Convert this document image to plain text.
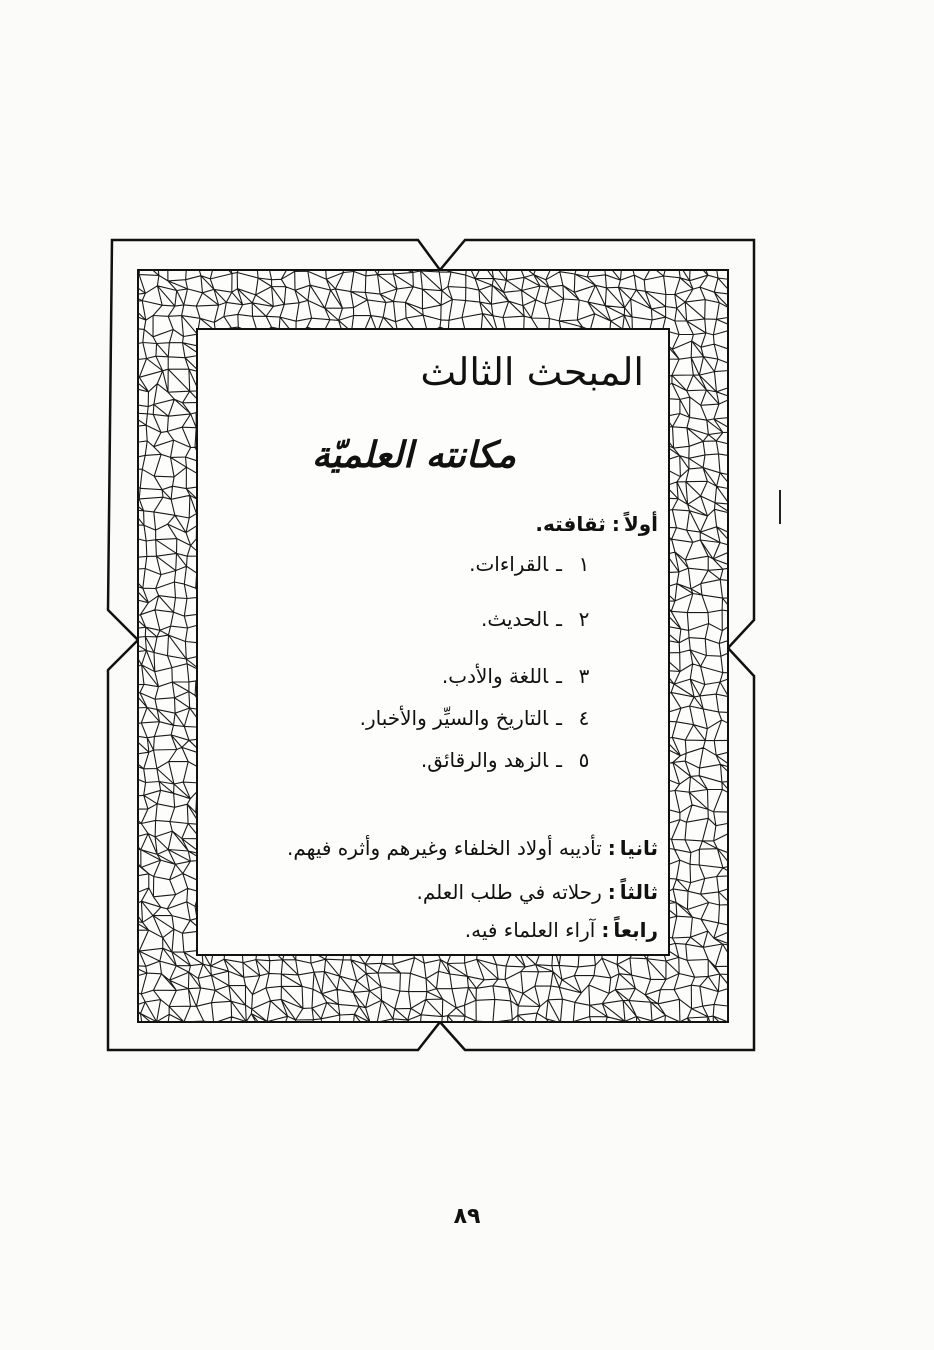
المبحث الثالث
مكانته العلميّة
أولاً:ثقافته.
١ـالقراءات.
٢ـالحديث.
٣ـاللغة والأدب.
٤ـالتاريخ والسيِّر والأخبار.
٥ـالزهد والرقائق.
ثانيا:تأديبه أولاد الخلفاء وغيرهم وأثره فيهم.
ثالثاً:رحلاته في طلب العلم.
رابعاً:آراء العلماء فيه.
٨٩
